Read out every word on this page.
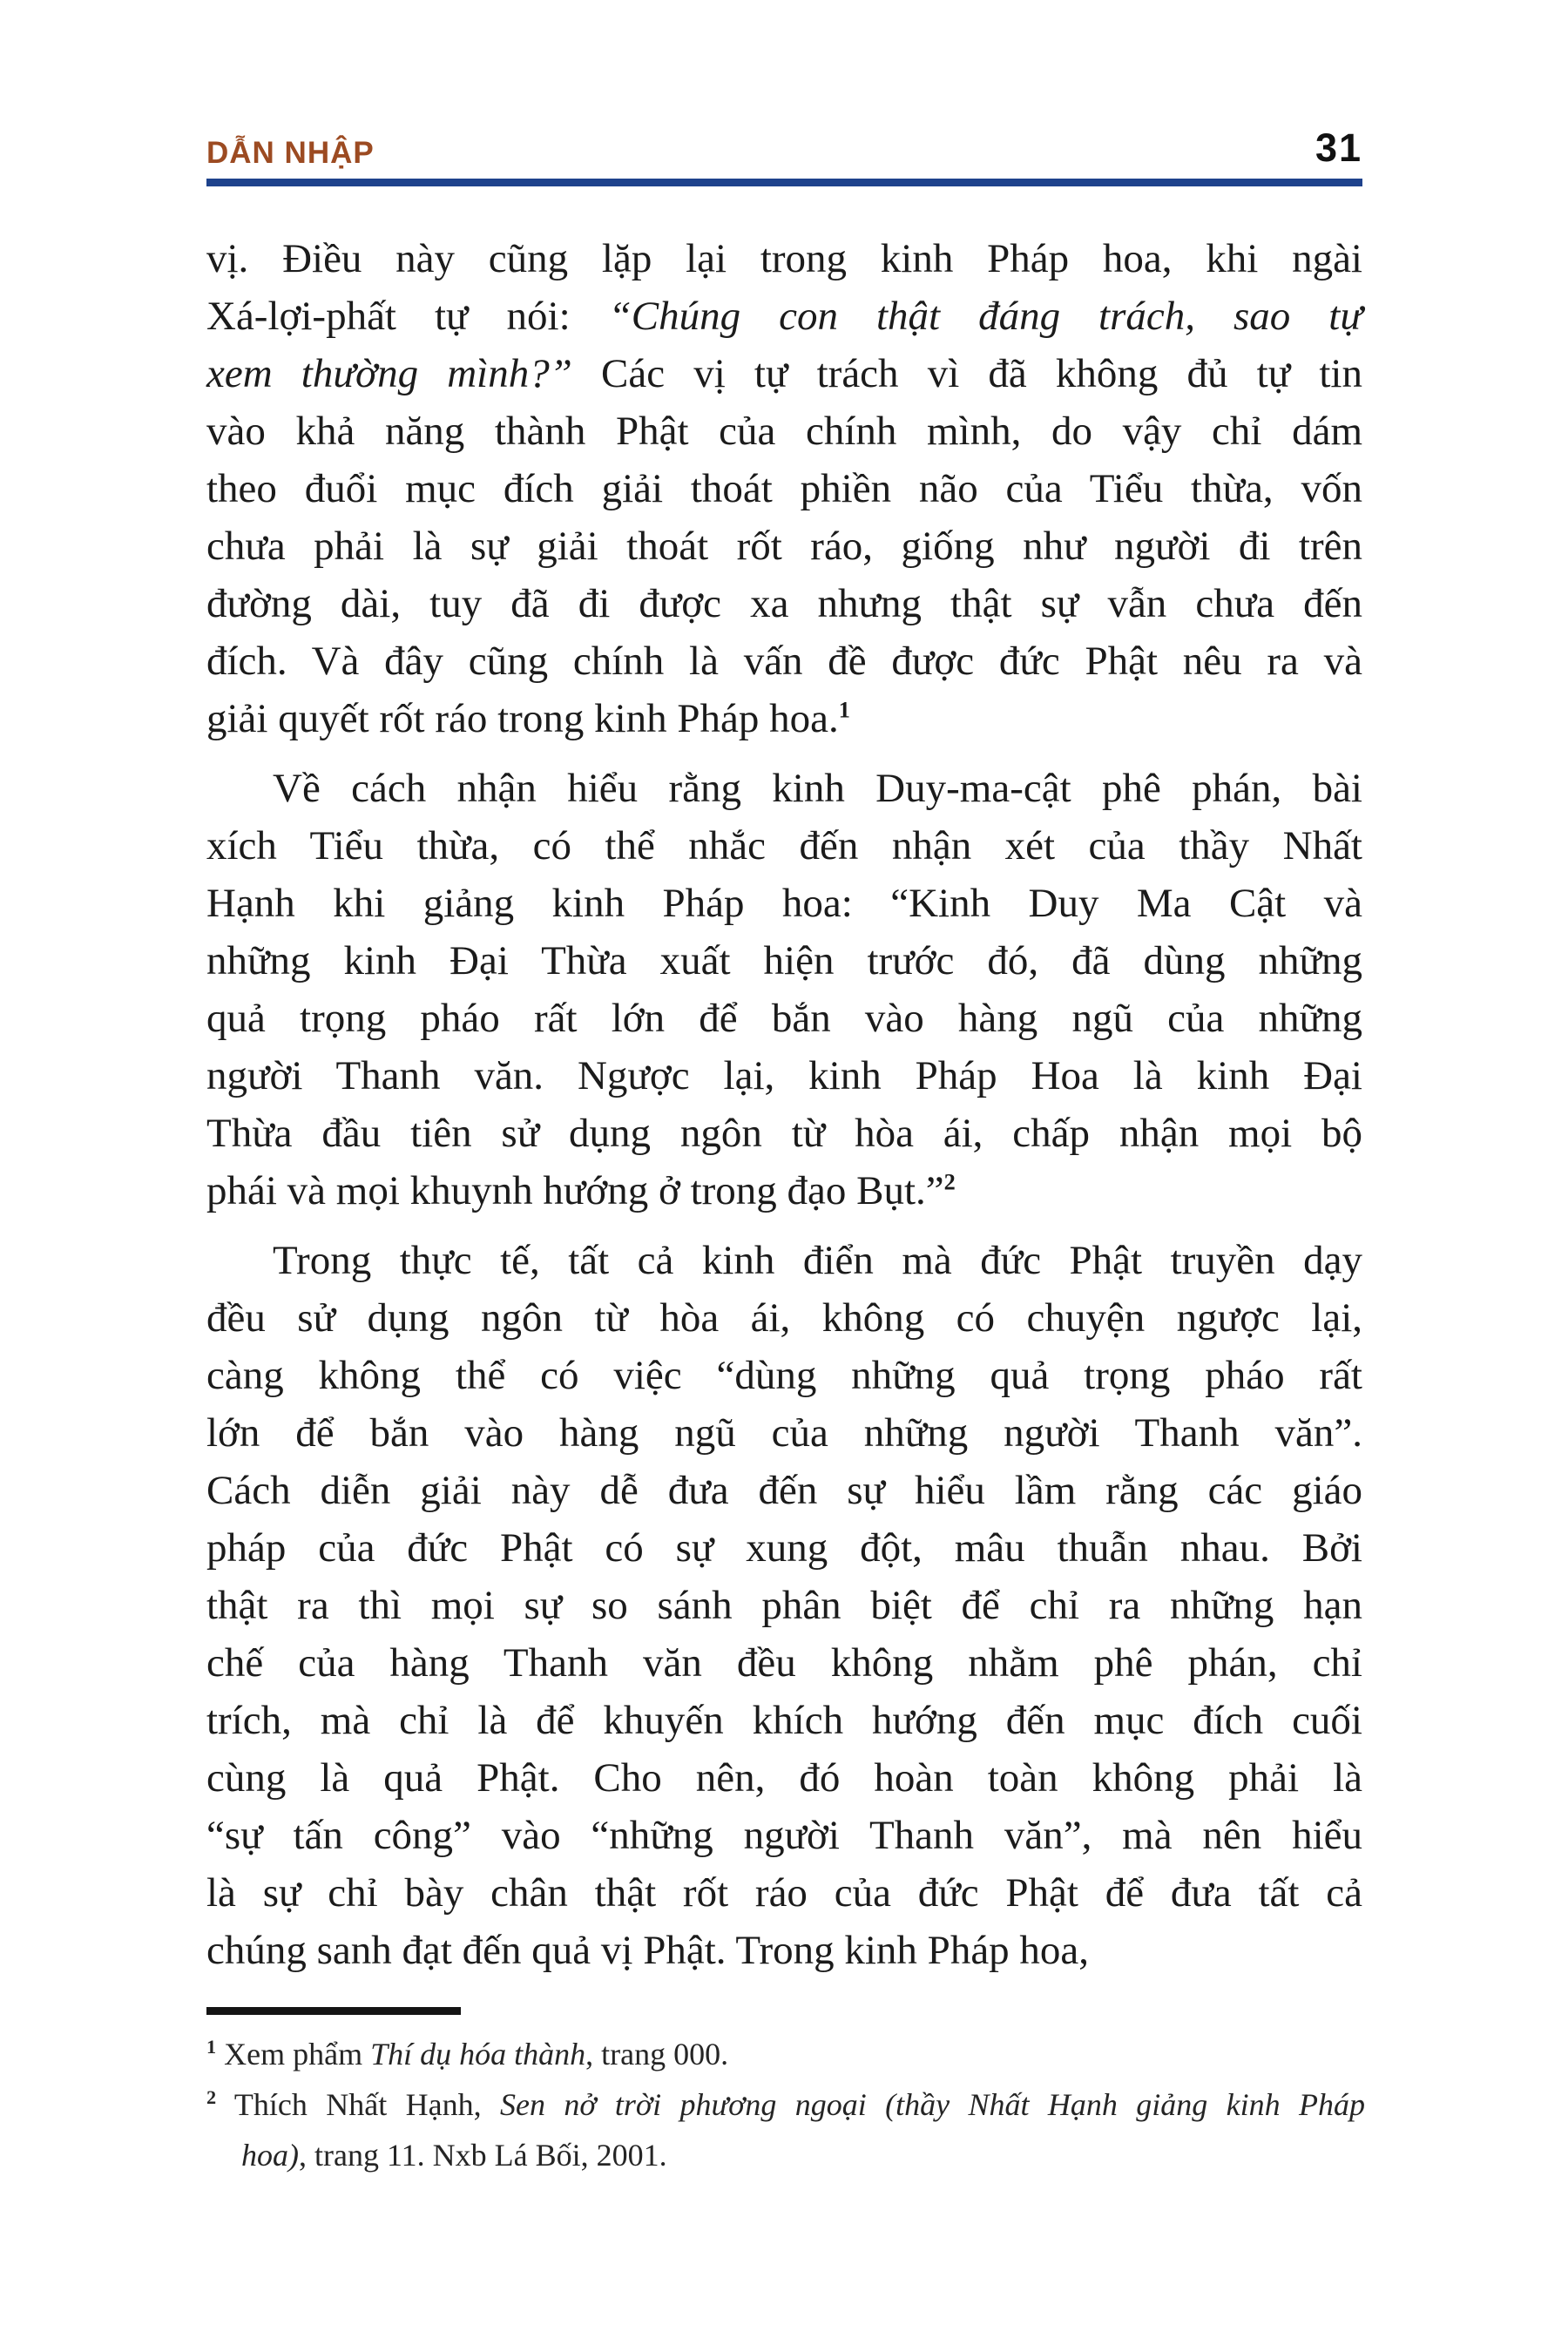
DẪN NHẬP	31
vị. Điều này cũng lặp lại trong kinh Pháp hoa, khi ngài
Xá-lợi-phất tự nói: “Chúng con thật đáng trách, sao tự
xem thường mình?” Các vị tự trách vì đã không đủ tự tin
vào khả năng thành Phật của chính mình, do vậy chỉ dám
theo đuổi mục đích giải thoát phiền não của Tiểu thừa, vốn
chưa phải là sự giải thoát rốt ráo, giống như người đi trên
đường dài, tuy đã đi được xa nhưng thật sự vẫn chưa đến
đích. Và đây cũng chính là vấn đề được đức Phật nêu ra và
giải quyết rốt ráo trong kinh Pháp hoa.$^1$
Về cách nhận hiểu rằng kinh Duy-ma-cật phê phán, bài
xích Tiểu thừa, có thể nhắc đến nhận xét của thầy Nhất
Hạnh khi giảng kinh Pháp hoa: “Kinh Duy Ma Cật và
những kinh Đại Thừa xuất hiện trước đó, đã dùng những
quả trọng pháo rất lớn để bắn vào hàng ngũ của những
người Thanh văn. Ngược lại, kinh Pháp Hoa là kinh Đại
Thừa đầu tiên sử dụng ngôn từ hòa ái, chấp nhận mọi bộ
phái và mọi khuynh hướng ở trong đạo Bụt.”$^2$
Trong thực tế, tất cả kinh điển mà đức Phật truyền dạy
đều sử dụng ngôn từ hòa ái, không có chuyện ngược lại,
càng không thể có việc “dùng những quả trọng pháo rất
lớn để bắn vào hàng ngũ của những người Thanh văn”.
Cách diễn giải này dễ đưa đến sự hiểu lầm rằng các giáo
pháp của đức Phật có sự xung đột, mâu thuẫn nhau. Bởi
thật ra thì mọi sự so sánh phân biệt để chỉ ra những hạn
chế của hàng Thanh văn đều không nhằm phê phán, chỉ
trích, mà chỉ là để khuyến khích hướng đến mục đích cuối
cùng là quả Phật. Cho nên, đó hoàn toàn không phải là
“sự tấn công” vào “những người Thanh văn”, mà nên hiểu
là sự chỉ bày chân thật rốt ráo của đức Phật để đưa tất cả
chúng sanh đạt đến quả vị Phật. Trong kinh Pháp hoa,
$^1$ Xem phẩm Thí dụ hóa thành, trang 000.
$^2$ Thích Nhất Hạnh, Sen nở trời phương ngoại (thầy Nhất Hạnh giảng kinh Pháp
hoa), trang 11. Nxb Lá Bối, 2001.
